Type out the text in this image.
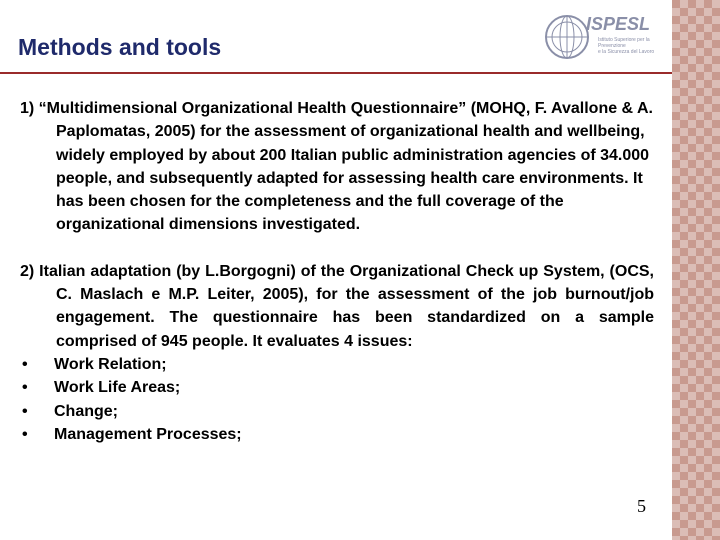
ISPESL
Istituto Superiore per la Prevenzione
e la Sicurezza del Lavoro
Methods and tools

1) “Multidimensional Organizational Health Questionnaire” (MOHQ, F. Avallone & A. Paplomatas, 2005) for the assessment of organizational health and wellbeing, widely employed by about 200 Italian public administration agencies of 34.000 people, and subsequently adapted for assessing health care environments. It has been chosen for the completeness and the full coverage of the organizational dimensions investigated.

2) Italian adaptation (by L.Borgogni) of the Organizational Check up System, (OCS, C. Maslach e M.P. Leiter, 2005), for the assessment of the job burnout/job engagement. The questionnaire has been standardized on a sample comprised of 945 people. It evaluates 4 issues:

• Work Relation;
• Work Life Areas;
• Change;
• Management Processes;
5
